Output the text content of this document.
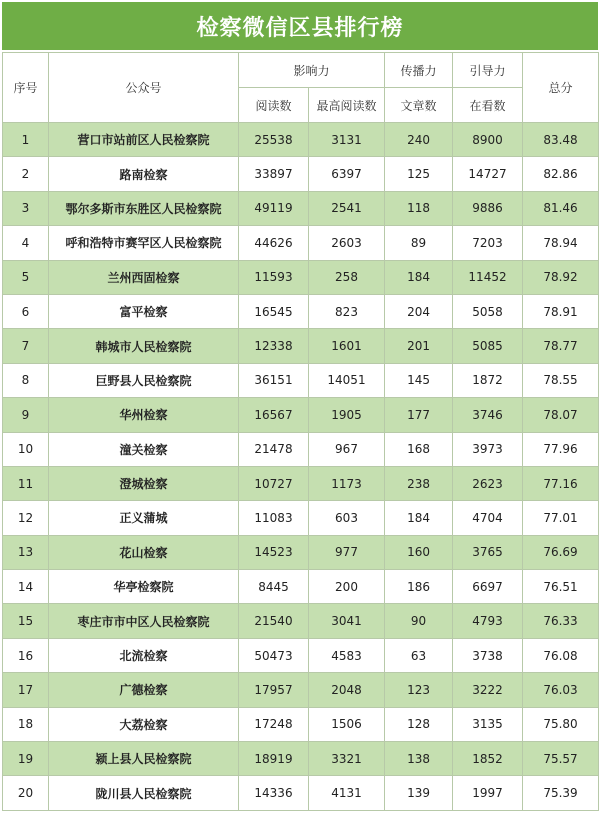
检察微信区县排行榜
序号	公众号	影响力		传播力	引导力	总分
		阅读数	最高阅读数	文章数	在看数	
1	营口市站前区人民检察院	25538	3131	240	8900	83.48
2	路南检察	33897	6397	125	14727	82.86
3	鄂尔多斯市东胜区人民检察院	49119	2541	118	9886	81.46
4	呼和浩特市赛罕区人民检察院	44626	2603	89	7203	78.94
5	兰州西固检察	11593	258	184	11452	78.92
6	富平检察	16545	823	204	5058	78.91
7	韩城市人民检察院	12338	1601	201	5085	78.77
8	巨野县人民检察院	36151	14051	145	1872	78.55
9	华州检察	16567	1905	177	3746	78.07
10	潼关检察	21478	967	168	3973	77.96
11	澄城检察	10727	1173	238	2623	77.16
12	正义蒲城	11083	603	184	4704	77.01
13	花山检察	14523	977	160	3765	76.69
14	华亭检察院	8445	200	186	6697	76.51
15	枣庄市市中区人民检察院	21540	3041	90	4793	76.33
16	北流检察	50473	4583	63	3738	76.08
17	广德检察	17957	2048	123	3222	76.03
18	大荔检察	17248	1506	128	3135	75.80
19	颍上县人民检察院	18919	3321	138	1852	75.57
20	陇川县人民检察院	14336	4131	139	1997	75.39
